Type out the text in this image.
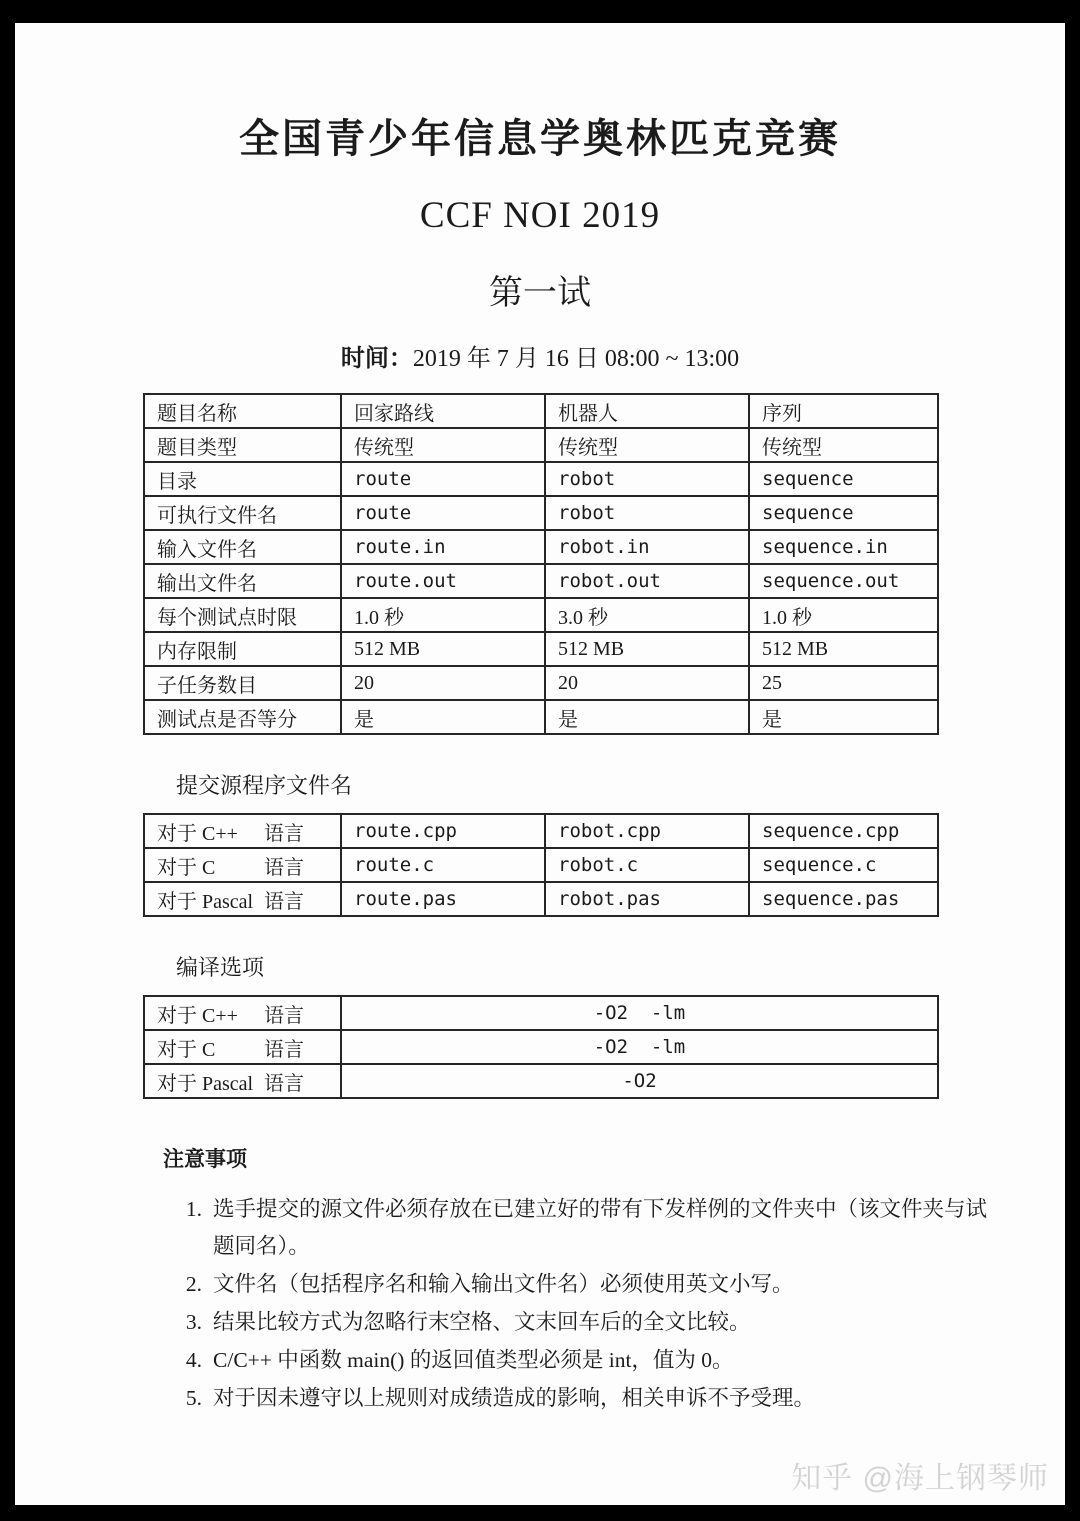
全国青少年信息学奥林匹克竞赛
CCF NOI 2019
第一试
时间：2019 年 7 月 16 日 08:00 ~ 13:00
题目名称	回家路线	机器人	序列
题目类型	传统型	传统型	传统型
目录	route	robot	sequence
可执行文件名	route	robot	sequence
输入文件名	route.in	robot.in	sequence.in
输出文件名	route.out	robot.out	sequence.out
每个测试点时限	1.0 秒	3.0 秒	1.0 秒
内存限制	512 MB	512 MB	512 MB
子任务数目	20	20	25
测试点是否等分	是	是	是
提交源程序文件名
对于 C++ 语言	route.cpp	robot.cpp	sequence.cpp
对于 C 语言	route.c	robot.c	sequence.c
对于 Pascal 语言	route.pas	robot.pas	sequence.pas
编译选项
对于 C++ 语言	-O2  -lm
对于 C 语言	-O2  -lm
对于 Pascal 语言	-O2
注意事项
1. 选手提交的源文件必须存放在已建立好的带有下发样例的文件夹中（该文件夹与试题同名）。
2. 文件名（包括程序名和输入输出文件名）必须使用英文小写。
3. 结果比较方式为忽略行末空格、文末回车后的全文比较。
4. C/C++ 中函数 main() 的返回值类型必须是 int，值为 0。
5. 对于因未遵守以上规则对成绩造成的影响，相关申诉不予受理。
知乎 @海上钢琴师
